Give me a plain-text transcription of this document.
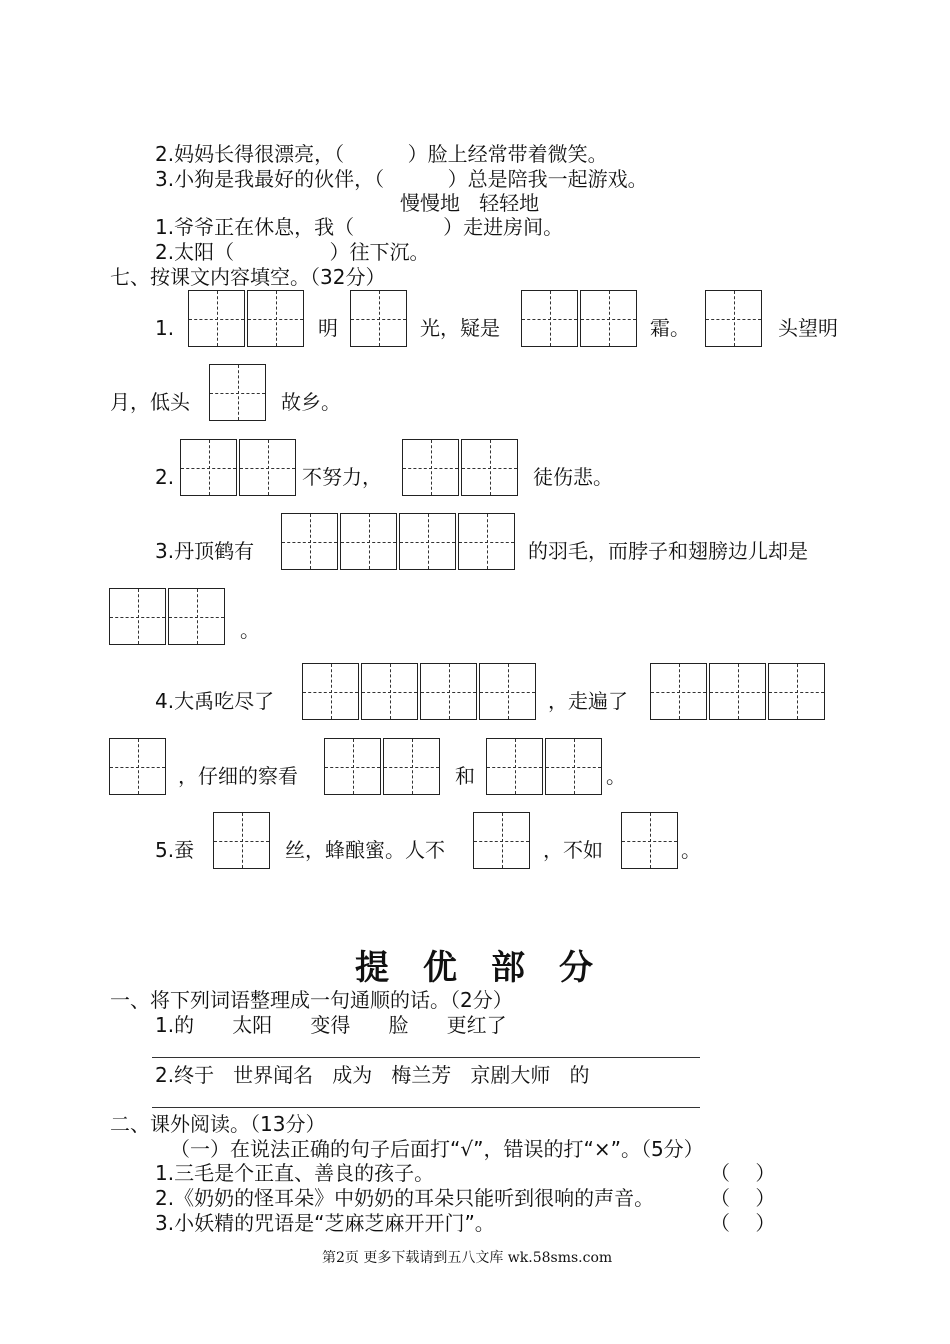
2.妈妈长得很漂亮，（          ）脸上经常带着微笑。
3.小狗是我最好的伙伴，（          ）总是陪我一起游戏。
慢慢地   轻轻地
1.爷爷正在休息，我（              ）走进房间。
2.太阳（               ）往下沉。
七、按课文内容填空。（32分）
1.	明	光，疑是	霜。	头望明
月，低头	故乡。
2.	不努力，	徒伤悲。
3.丹顶鹤有	的羽毛，而脖子和翅膀边儿却是
。
4.大禹吃尽了	，走遍了
，仔细的察看	和	。
5.蚕	丝，蜂酿蜜。人不	，不如	。
提优部分
一、将下列词语整理成一句通顺的话。（2分）
1.的      太阳      变得      脸      更红了
2.终于   世界闻名   成为   梅兰芳   京剧大师   的
二、课外阅读。（13分）
（一）在说法正确的句子后面打“√”，错误的打“×”。（5分）
1.三毛是个正直、善良的孩子。	（    ）
2.《奶奶的怪耳朵》中奶奶的耳朵只能听到很响的声音。	（    ）
3.小妖精的咒语是“芝麻芝麻开开门”。	（    ）
第2页 更多下载请到五八文库 wk.58sms.com
